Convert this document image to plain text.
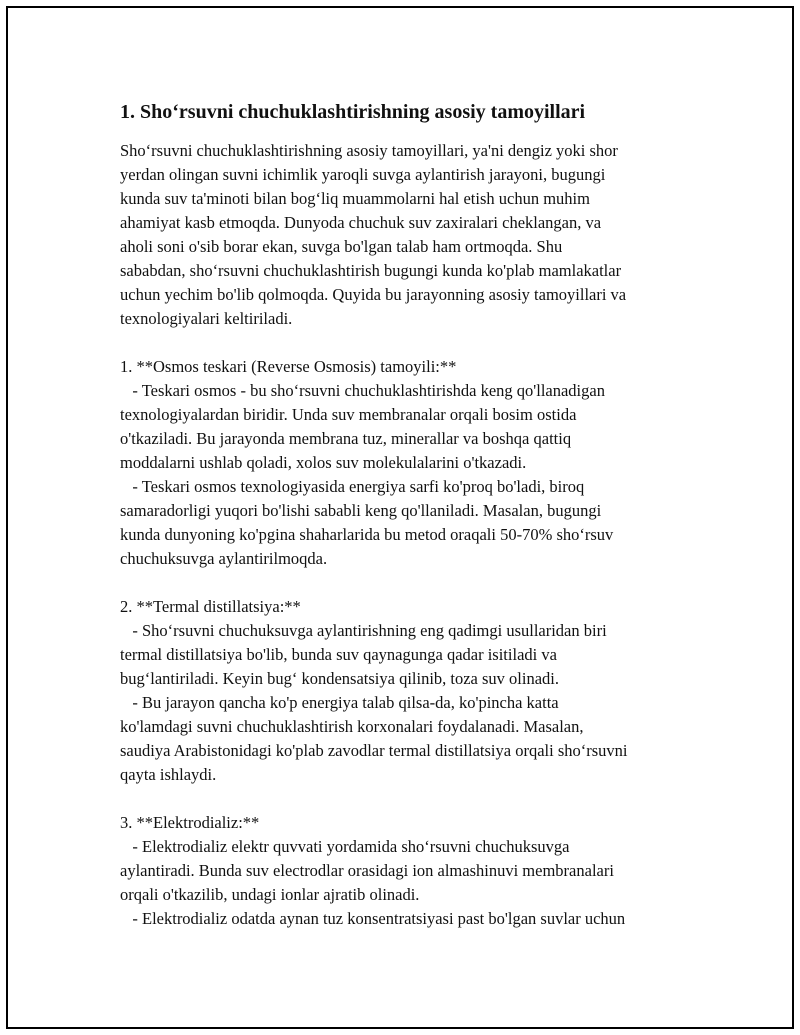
1. Sho‘rsuvni chuchuklashtirishning asosiy tamoyillari

Sho‘rsuvni chuchuklashtirishning asosiy tamoyillari, ya'ni dengiz yoki shor
yerdan olingan suvni ichimlik yaroqli suvga aylantirish jarayoni, bugungi
kunda suv ta'minoti bilan bog‘liq muammolarni hal etish uchun muhim
ahamiyat kasb etmoqda. Dunyoda chuchuk suv zaxiralari cheklangan, va
aholi soni o'sib borar ekan, suvga bo'lgan talab ham ortmoqda. Shu
sababdan, sho‘rsuvni chuchuklashtirish bugungi kunda ko'plab mamlakatlar
uchun yechim bo'lib qolmoqda. Quyida bu jarayonning asosiy tamoyillari va
texnologiyalari keltiriladi.

1. **Osmos teskari (Reverse Osmosis) tamoyili:**
- Teskari osmos - bu sho‘rsuvni chuchuklashtirishda keng qo'llanadigan
texnologiyalardan biridir. Unda suv membranalar orqali bosim ostida
o'tkaziladi. Bu jarayonda membrana tuz, minerallar va boshqa qattiq
moddalarni ushlab qoladi, xolos suv molekulalarini o'tkazadi.
- Teskari osmos texnologiyasida energiya sarfi ko'proq bo'ladi, biroq
samaradorligi yuqori bo'lishi sababli keng qo'llaniladi. Masalan, bugungi
kunda dunyoning ko'pgina shaharlarida bu metod oraqali 50-70% sho‘rsuv
chuchuksuvga aylantirilmoqda.

2. **Termal distillatsiya:**
- Sho‘rsuvni chuchuksuvga aylantirishning eng qadimgi usullaridan biri
termal distillatsiya bo'lib, bunda suv qaynagunga qadar isitiladi va
bug‘lantiriladi. Keyin bug‘ kondensatsiya qilinib, toza suv olinadi.
- Bu jarayon qancha ko'p energiya talab qilsa-da, ko'pincha katta
ko'lamdagi suvni chuchuklashtirish korxonalari foydalanadi. Masalan,
saudiya Arabistonidagi ko'plab zavodlar termal distillatsiya orqali sho‘rsuvni
qayta ishlaydi.

3. **Elektrodializ:**
- Elektrodializ elektr quvvati yordamida sho‘rsuvni chuchuksuvga
aylantiradi. Bunda suv electrodlar orasidagi ion almashinuvi membranalari
orqali o'tkazilib, undagi ionlar ajratib olinadi.
- Elektrodializ odatda aynan tuz konsentratsiyasi past bo'lgan suvlar uchun
